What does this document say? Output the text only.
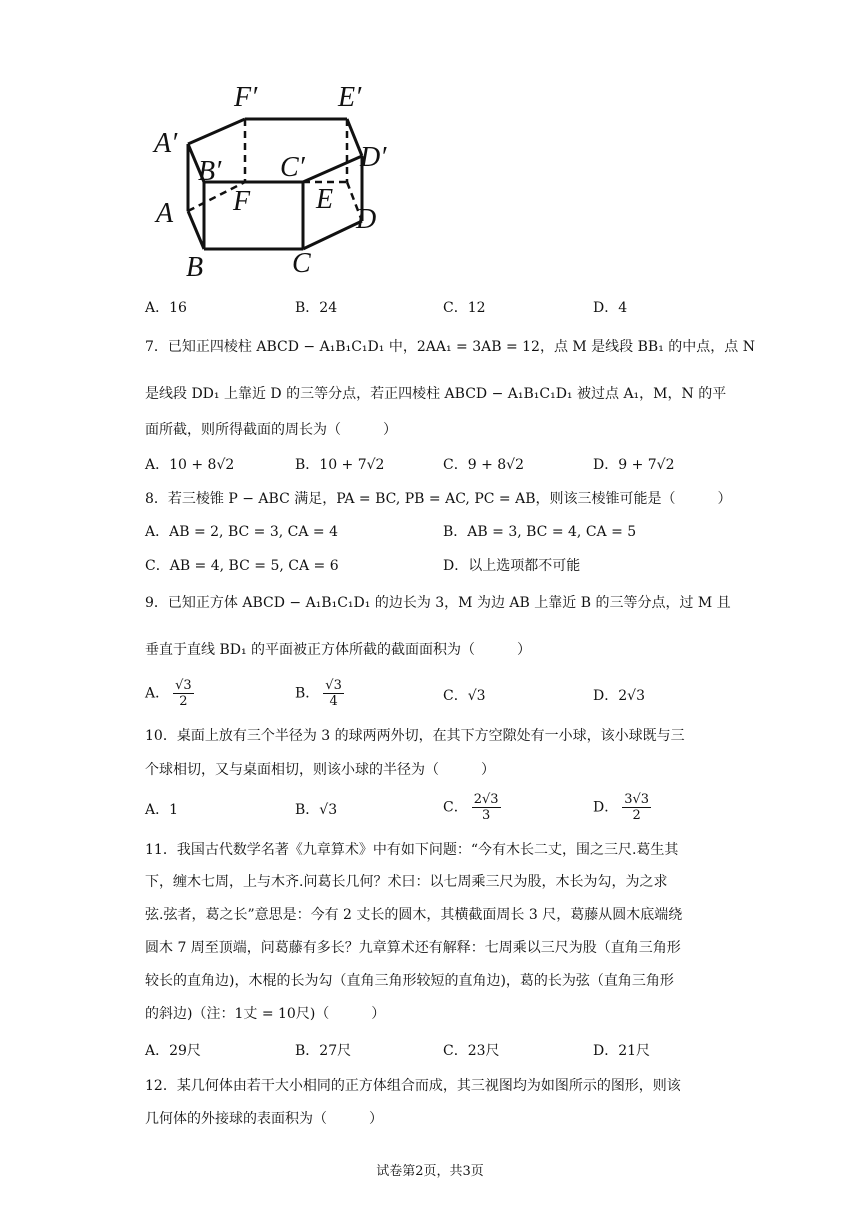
F′	E′
A′
B′ C′ D′
A F E
D
B	C
A．16	B．24	C．12	D．4
7．已知正四棱柱 ABCD − A₁B₁C₁D₁ 中，2AA₁ = 3AB = 12，点 M 是线段 BB₁ 的中点，点 N
是线段 DD₁ 上靠近 D 的三等分点，若正四棱柱 ABCD − A₁B₁C₁D₁ 被过点 A₁，M，N 的平
面所截，则所得截面的周长为（　　　）
A．10 + 8√2	B．10 + 7√2	C．9 + 8√2	D．9 + 7√2
8．若三棱锥 P − ABC 满足，PA = BC, PB = AC, PC = AB，则该三棱锥可能是（　　　）
A．AB = 2, BC = 3, CA = 4	B．AB = 3, BC = 4, CA = 5
C．AB = 4, BC = 5, CA = 6	D．以上选项都不可能
9．已知正方体 ABCD − A₁B₁C₁D₁ 的边长为 3，M 为边 AB 上靠近 B 的三等分点，过 M 且
垂直于直线 BD₁ 的平面被正方体所截的截面面积为（　　　）
A． $\frac{√3}{2}$	B． $\frac{√3}{4}$	C．√3	D．2√3
10．桌面上放有三个半径为 3 的球两两外切，在其下方空隙处有一小球，该小球既与三
个球相切，又与桌面相切，则该小球的半径为（　　　）
A．1	B．√3	C． $\frac{2√3}{3}$	D． $\frac{3√3}{2}$
11．我国古代数学名著《九章算术》中有如下问题：“今有木长二丈，围之三尺.葛生其
下，缠木七周，上与木齐.问葛长几何？术曰：以七周乘三尺为股，木长为勾，为之求
弦.弦者，葛之长”意思是：今有 2 丈长的圆木，其横截面周长 3 尺，葛藤从圆木底端绕
圆木 7 周至顶端，问葛藤有多长？九章算术还有解释：七周乘以三尺为股（直角三角形
较长的直角边)，木棍的长为勾（直角三角形较短的直角边)，葛的长为弦（直角三角形
的斜边)（注：1丈 = 10尺)（　　　）
A．29尺	B．27尺	C．23尺	D．21尺
12．某几何体由若干大小相同的正方体组合而成，其三视图均为如图所示的图形，则该
几何体的外接球的表面积为（　　　）
试卷第2页，共3页
